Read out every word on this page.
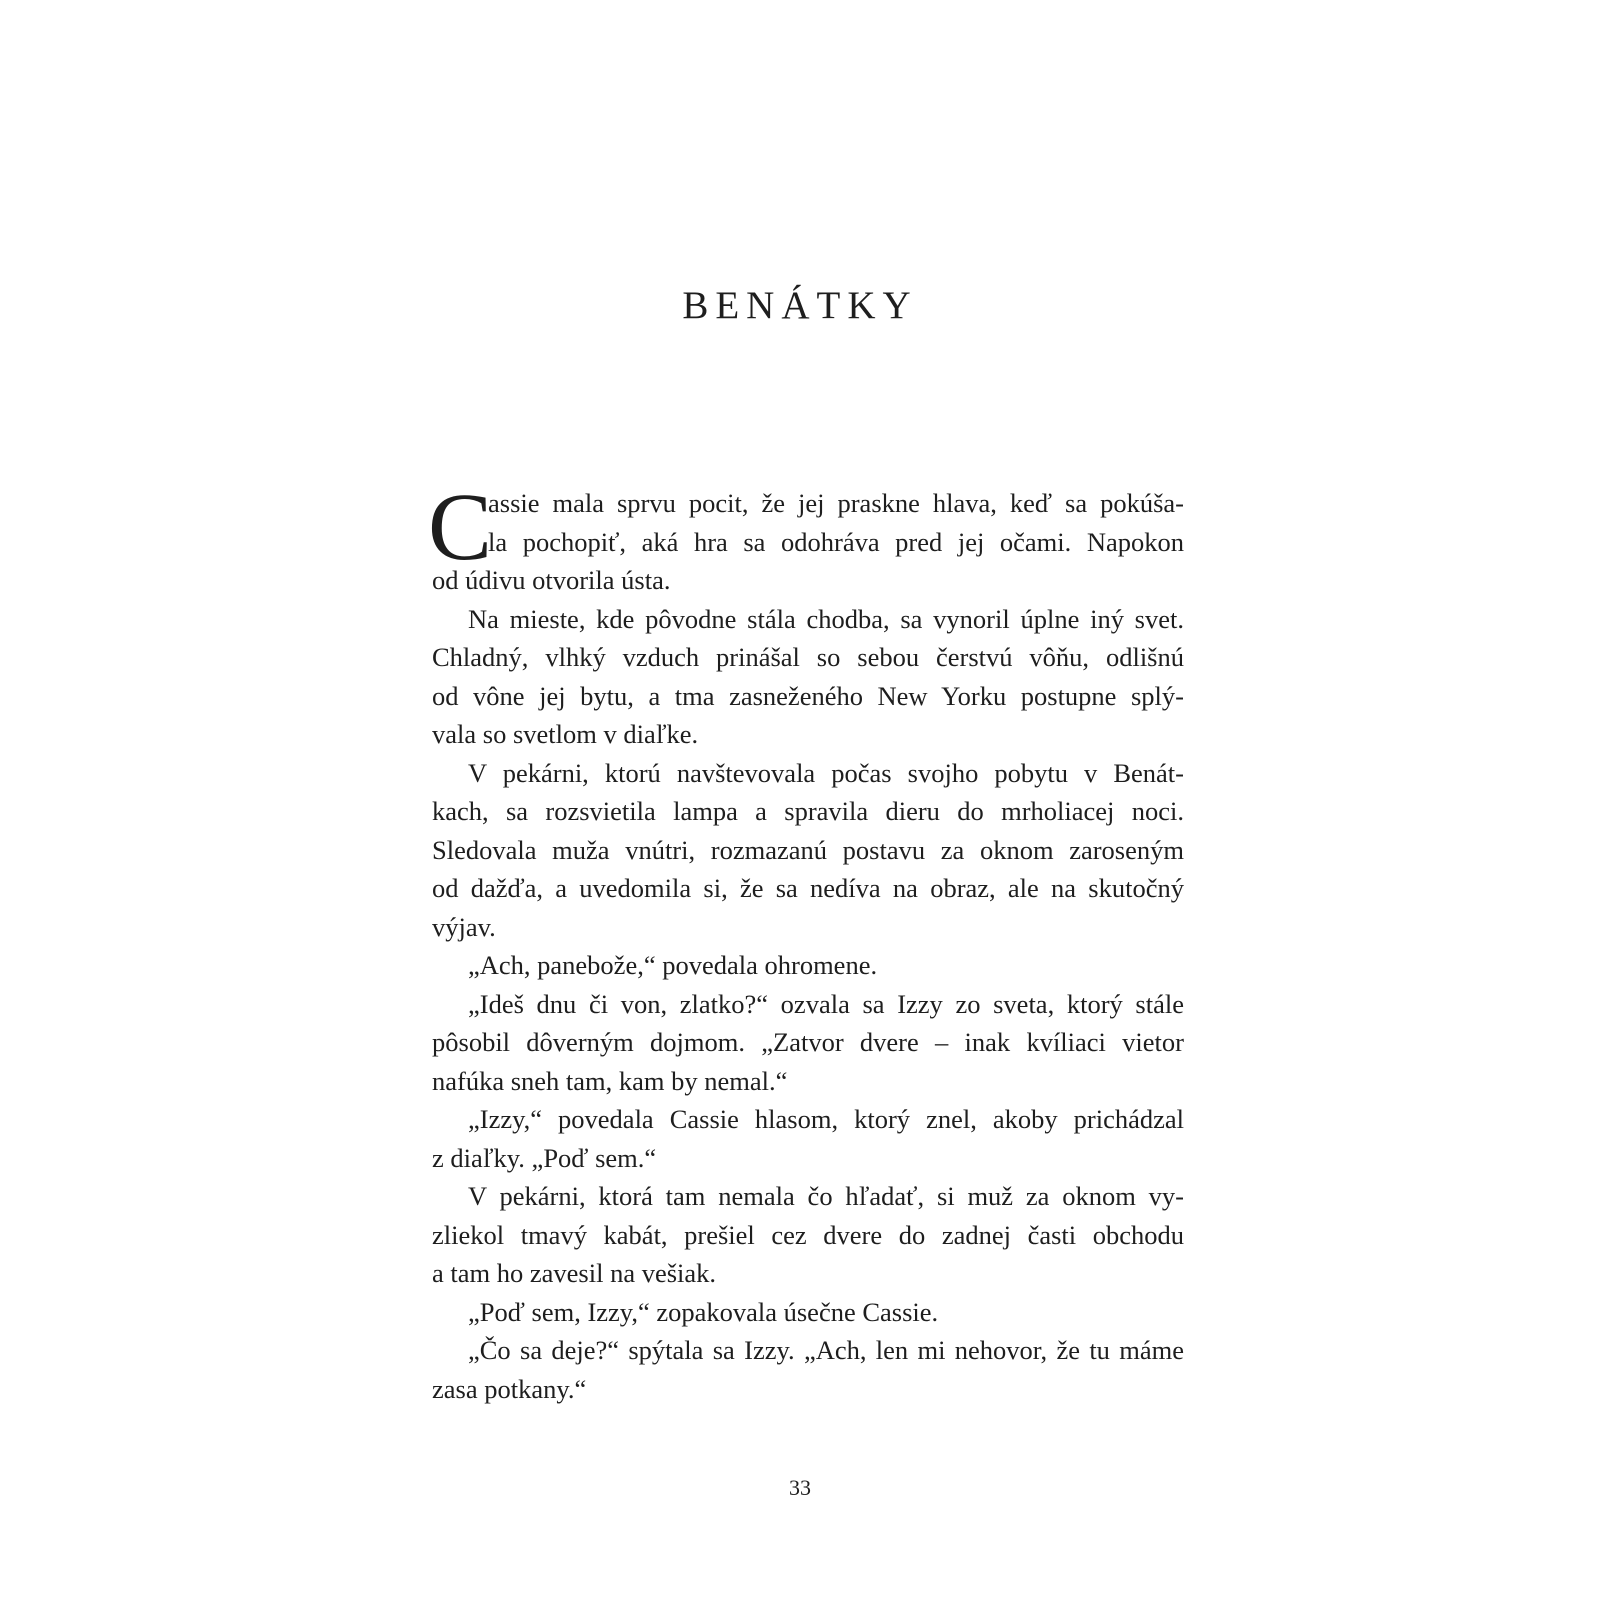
BENÁTKY
C
assie mala sprvu pocit, že jej praskne hlava, keď sa pokúša-
la pochopiť, aká hra sa odohráva pred jej očami. Napokon
od údivu otvorila ústa.
Na mieste, kde pôvodne stála chodba, sa vynoril úplne iný svet.
Chladný, vlhký vzduch prinášal so sebou čerstvú vôňu, odlišnú
od vône jej bytu, a tma zasneženého New Yorku postupne splý-
vala so svetlom v diaľke.
V pekárni, ktorú navštevovala počas svojho pobytu v Benát-
kach, sa rozsvietila lampa a spravila dieru do mrholiacej noci.
Sledovala muža vnútri, rozmazanú postavu za oknom zaroseným
od dažďa, a uvedomila si, že sa nedíva na obraz, ale na skutočný
výjav.
„Ach, panebože,“ povedala ohromene.
„Ideš dnu či von, zlatko?“ ozvala sa Izzy zo sveta, ktorý stále
pôsobil dôverným dojmom. „Zatvor dvere – inak kvíliaci vietor
nafúka sneh tam, kam by nemal.“
„Izzy,“ povedala Cassie hlasom, ktorý znel, akoby prichádzal
z diaľky. „Poď sem.“
V pekárni, ktorá tam nemala čo hľadať, si muž za oknom vy-
zliekol tmavý kabát, prešiel cez dvere do zadnej časti obchodu
a tam ho zavesil na vešiak.
„Poď sem, Izzy,“ zopakovala úsečne Cassie.
„Čo sa deje?“ spýtala sa Izzy. „Ach, len mi nehovor, že tu máme
zasa potkany.“
33
